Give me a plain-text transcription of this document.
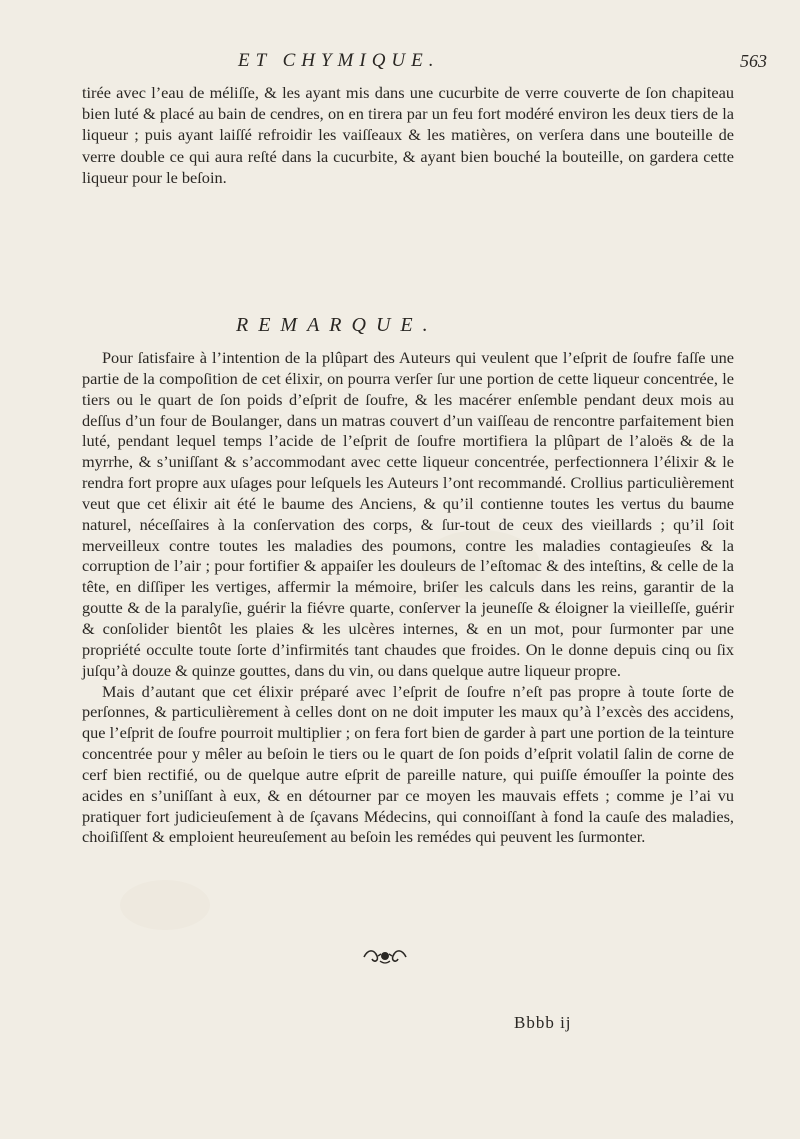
ET CHYMIQUE.	563

tirée avec l’eau de méliſſe, & les ayant mis dans une cucurbite de verre couverte de ſon chapiteau bien luté & placé au bain de cendres, on en tirera par un feu fort modéré environ les deux tiers de la liqueur ; puis ayant laiſſé refroidir les vaiſſeaux & les matières, on verſera dans une bouteille de verre double ce qui aura reſté dans la cucurbite, & ayant bien bouché la bouteille, on gardera cette liqueur pour le beſoin.

REMARQUE.

Pour ſatisfaire à l’intention de la plûpart des Auteurs qui veulent que l’eſprit de ſoufre faſſe une partie de la compoſition de cet élixir, on pourra verſer ſur une portion de cette liqueur concentrée, le tiers ou le quart de ſon poids d’eſprit de ſoufre, & les macérer enſemble pendant deux mois au deſſus d’un four de Boulanger, dans un matras couvert d’un vaiſſeau de rencontre parfaitement bien luté, pendant lequel temps l’acide de l’eſprit de ſoufre mortifiera la plûpart de l’aloës & de la myrrhe, & s’uniſſant & s’accommodant avec cette liqueur concentrée, perfectionnera l’élixir & le rendra fort propre aux uſages pour leſquels les Auteurs l’ont recommandé. Crollius particulièrement veut que cet élixir ait été le baume des Anciens, & qu’il contienne toutes les vertus du baume naturel, néceſſaires à la conſervation des corps, & ſur-tout de ceux des vieillards ; qu’il ſoit merveilleux contre toutes les maladies des poumons, contre les maladies contagieuſes & la corruption de l’air ; pour fortifier & appaiſer les douleurs de l’eſtomac & des inteſtins, & celle de la tête, en diſſiper les vertiges, affermir la mémoire, briſer les calculs dans les reins, garantir de la goutte & de la paralyſie, guérir la fiévre quarte, conſerver la jeuneſſe & éloigner la vieilleſſe, guérir & conſolider bientôt les plaies & les ulcères internes, & en un mot, pour ſurmonter par une propriété occulte toute ſorte d’infirmités tant chaudes que froides. On le donne depuis cinq ou ſix juſqu’à douze & quinze gouttes, dans du vin, ou dans quelque autre liqueur propre.

Mais d’autant que cet élixir préparé avec l’eſprit de ſoufre n’eſt pas propre à toute ſorte de perſonnes, & particulièrement à celles dont on ne doit imputer les maux qu’à l’excès des accidens, que l’eſprit de ſoufre pourroit multiplier ; on fera fort bien de garder à part une portion de la teinture concentrée pour y mêler au beſoin le tiers ou le quart de ſon poids d’eſprit volatil ſalin de corne de cerf bien rectifié, ou de quelque autre eſprit de pareille nature, qui puiſſe émouſſer la pointe des acides en s’uniſſant à eux, & en détourner par ce moyen les mauvais effets ; comme je l’ai vu pratiquer fort judicieuſement à de ſçavans Médecins, qui connoiſſant à fond la cauſe des maladies, choiſiſſent & emploient heureuſement au beſoin les remédes qui peuvent les ſurmonter.

Bbbb ij
